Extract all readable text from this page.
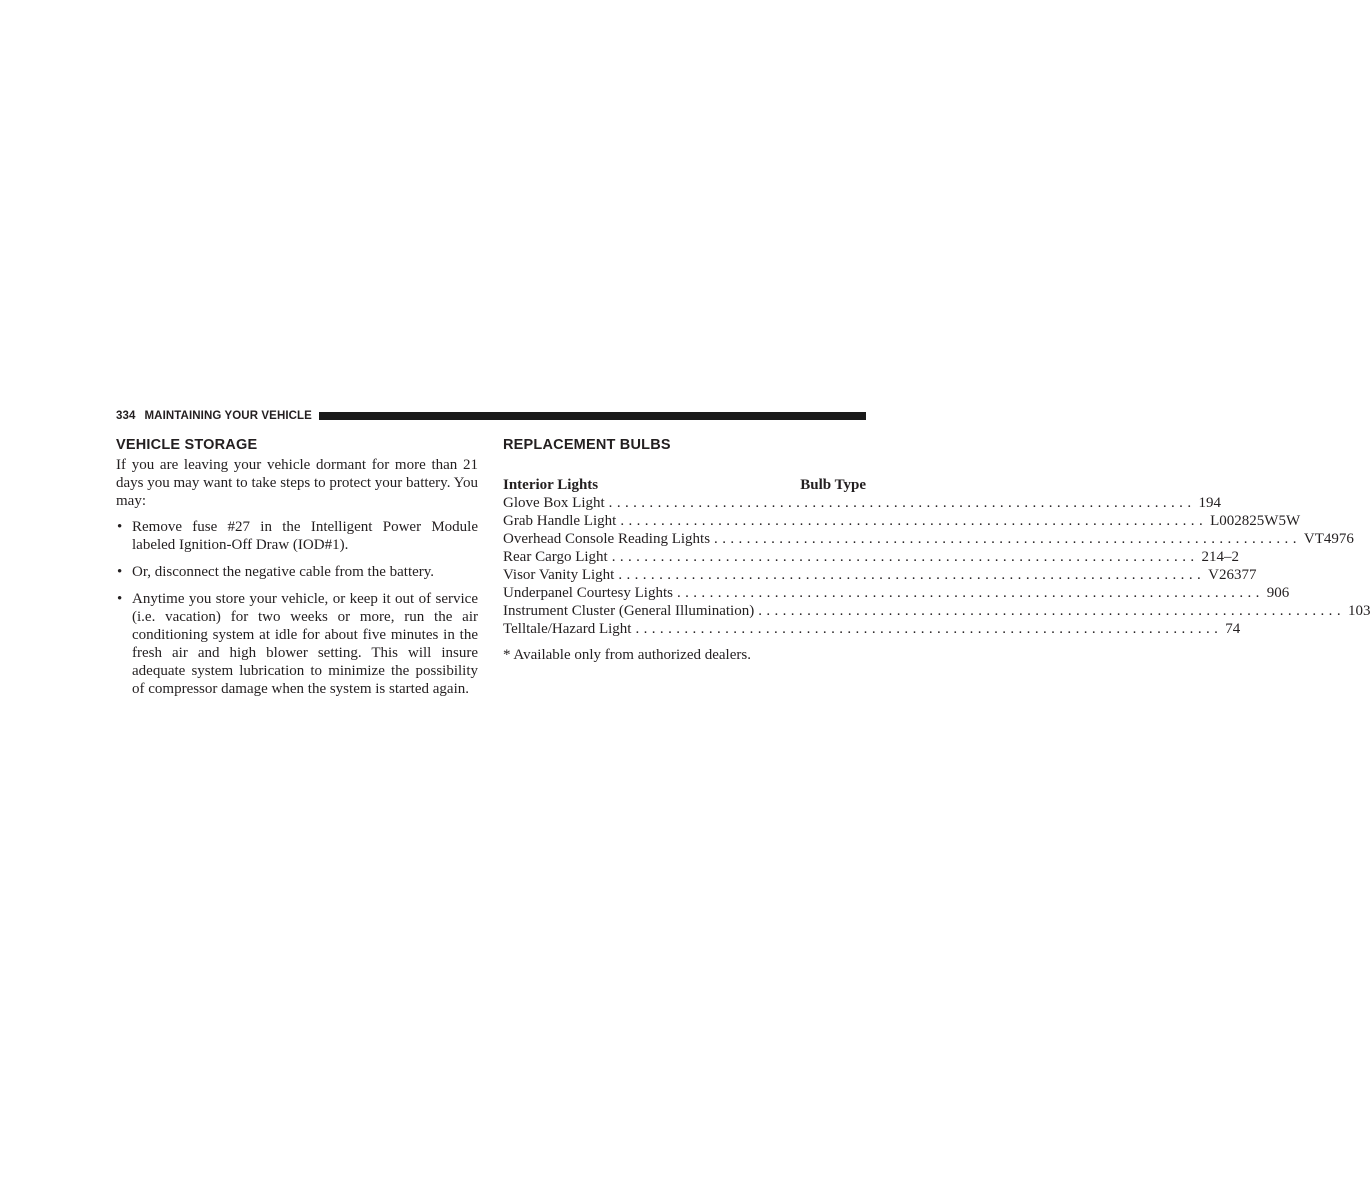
334 MAINTAINING YOUR VEHICLE
VEHICLE STORAGE

If you are leaving your vehicle dormant for more than 21 days you may want to take steps to protect your battery. You may:

• Remove fuse #27 in the Intelligent Power Module labeled Ignition-Off Draw (IOD#1).
• Or, disconnect the negative cable from the battery.
• Anytime you store your vehicle, or keep it out of service (i.e. vacation) for two weeks or more, run the air conditioning system at idle for about five minutes in the fresh air and high blower setting. This will insure adequate system lubrication to minimize the possibility of compressor damage when the system is started again.
REPLACEMENT BULBS
Interior Lights	Bulb Type
Glove Box Light ........................................................................ 194
Grab Handle Light ........................................................................ L002825W5W
Overhead Console Reading Lights ........................................................................ VT4976
Rear Cargo Light ........................................................................ 214–2
Visor Vanity Light ........................................................................ V26377
Underpanel Courtesy Lights ........................................................................ 906
Instrument Cluster (General Illumination) ........................................................................ 103
Telltale/Hazard Light ........................................................................ 74

* Available only from authorized dealers.
